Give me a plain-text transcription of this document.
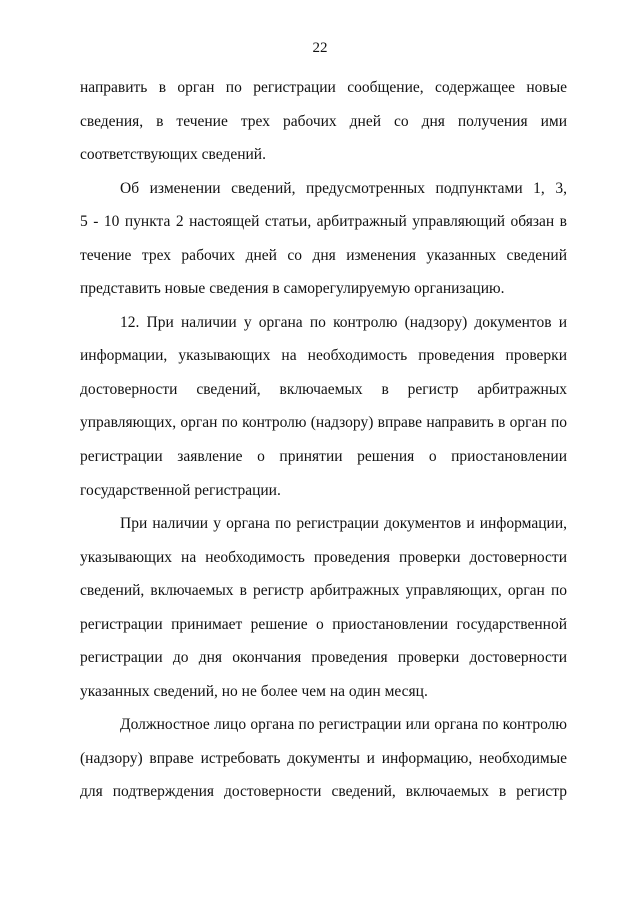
22
направить в орган по регистрации сообщение, содержащее новые
сведения, в течение трех рабочих дней со дня получения ими
соответствующих сведений.
Об изменении сведений, предусмотренных подпунктами 1, 3,
5 - 10 пункта 2 настоящей статьи, арбитражный управляющий обязан в
течение трех рабочих дней со дня изменения указанных сведений
представить новые сведения в саморегулируемую организацию.
12. При наличии у органа по контролю (надзору) документов и
информации, указывающих на необходимость проведения проверки
достоверности сведений, включаемых в регистр арбитражных
управляющих, орган по контролю (надзору) вправе направить в орган по
регистрации заявление о принятии решения о приостановлении
государственной регистрации.
При наличии у органа по регистрации документов и информации,
указывающих на необходимость проведения проверки достоверности
сведений, включаемых в регистр арбитражных управляющих, орган по
регистрации принимает решение о приостановлении государственной
регистрации до дня окончания проведения проверки достоверности
указанных сведений, но не более чем на один месяц.
Должностное лицо органа по регистрации или органа по контролю
(надзору) вправе истребовать документы и информацию, необходимые
для подтверждения достоверности сведений, включаемых в регистр
